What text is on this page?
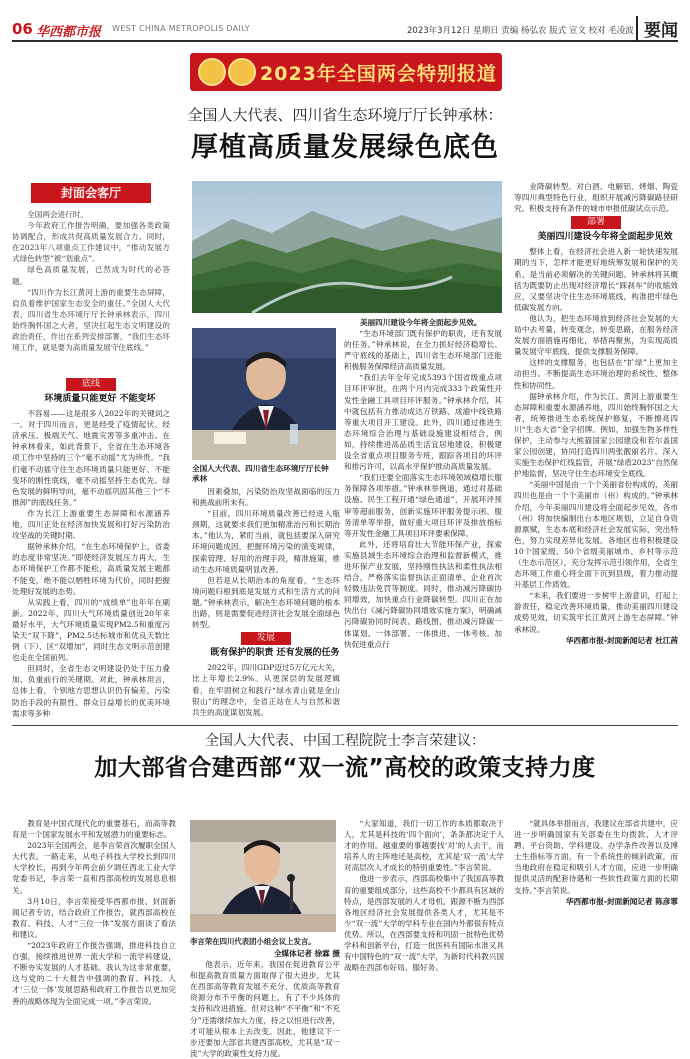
06 华西都市报 WEST CHINA METROPOLIS DAILY	2023年3月12日 星期日 责编 杨弘农 版式 宣文 校对 毛凌波 要闻
2023年全国两会特别报道
全国人大代表、四川省生态环境厅厅长钟承林：
厚植高质量发展绿色底色
封面会客厅

全国两会进行时。

今年政府工作报告明确，要加强各类政策协调配合，形成共促高质量发展合力。同时，在2023年八项重点工作建议中，“推动发展方式绿色转型”被“划重点”。

绿色高质量发展，已然成为时代的必答题。

“四川作为长江黄河上游的重要生态屏障，肩负着维护国家生态安全的重任。”全国人大代表、四川省生态环境厅厅长钟承林表示，四川始终胸怀国之大者，坚决扛起生态文明建设的政治责任，作出在系列安排部署，“我们生态环境工作，就是要为高质量发展守住底线。”

底线

环境质量只能更好 不能变坏

不容易——这是很多人2022年的关键词之一。对于四川而言，更是经受了疫情起伏、经济承压、极端天气、地震灾害等多重冲击。在钟承林看来，如此背景下，全省在生态环境各项工作中坚持的三个“毫不动摇”尤为珍贵。“我们毫不动摇守住生态环境质量只能更好、不能变坏的刚性底线，毫不动摇坚持生态优先、绿色发展的鲜明导向，毫不动摇巩固其他三个“不推卸”的底线任务。”

作为长江上游重要生态屏障和水源涵养地，四川正处在经济加快发展和打好污染防治攻坚战的关键时期。

据钟承林介绍，“在生态环境保护上，省委的态度非常坚决。”即使经济发展压力再大，生态环境保护工作都不能松，高质量发展主题都不能变，绝不能以牺牲环境为代价，同时把握处理好发展的态势。

从实践上看，四川的“成绩单”也年年在刷新。2022年，四川大气环境质量创近20年来最好水平，大气环境质量实现PM2.5和重度污染天“双下降”，PM2.5达标城市和优良天数比例（下）、区“双增加”，同时生态文明示范创建也走在全国前列。

但同时，全省生态文明建设仍处于压力叠加、负重前行的关键期。对此，钟承林坦言，总体上看，个别地方思想认识仍有偏差，污染防治手段的有限性、群众日益增长的优美环境需求等多种

美丽四川建设今年将全面起步见效。
全国人大代表、四川省生态环境厅厅长钟承林

因素叠加，污染防治攻坚战面临的压力和挑战前所未有。

“目前，四川环境质量改善已经进入瓶颈期，这就要求我们更加精准治污和长期治本。”他认为，紧盯当前，就包括要深入研究环境问题成因，把握环境污染的演变规律，探索管理、好用的治理手段，精准施策，推动生态环境质量明显改善。

但若是从长期治本的角度看，“生态环境问题归根到底是发展方式和生活方式的问题。”钟承林表示，解决生态环境问题的根本出路，则是需要促进经济社会发展全面绿色转型。

发展

既有保护的职责 还有发展的任务

2022年，四川GDP迈过5万亿元大关，比上年增长2.9%。从更深层的发展逻辑看，在牢固树立和践行“绿水青山就是金山银山”的理念中，全省正站在人与自然和谐共生的高度谋划发展。

“生态环境部门既有保护的职责，还有发展的任务。”钟承林说，在全力抓好经济稳增长、严守底线的基础上，四川省生态环境部门还能积极服务保障经济高质量发展。

“我们去年全年完成5393个国省级重点项目环评审批，在两个月内完成333个政策性开发性金融工具项目环评服务。”钟承林介绍，其中就包括有力推动成达万铁路、成渝中线铁路等重大项目开工建设。此外，四川通过推进生态环境综合治理与基础设施建设相结合，例如，持续推进高品质生活宜居地建设，积极建设全省重点项目服务专班，跟踪各项目的环评和排污许可，以高水平保护推动高质量发展。

“我们还要全面落实生态环境领域稳增长服务保障各项举措。”钟承林举例道，通过对基础设施、民生工程开通“绿色通道”，开展环评预审等超前服务，创新实施环评服务提示函、服务清单等举措，做好重大项目环评及排放指标等开发性金融工具项目环评要素保障。

此外，还将培育壮大节能环保产业，探索实施县域生态环境综合治理和监督新模式，推进环保产业发展，坚持刚性执法和柔性执法相结合，严格落实监督执法正面清单、企业首次轻微违法免罚等制度。同时，推动减污降碳协同增效，加快重点行业降碳转型。四川正在加快出台《减污降碳协同增效实施方案》，明确减污降碳协同时间表、路线图，推动减污降碳一体谋划、一体部署、一体推进、一体考核。加快促进重点行

业降碳转型。对白酒、电解铝、烤烟、陶瓷等四川典型特色行业，组织开展减污降碳路径研究。积极支持有条件的城市申报低碳试点示范。

部署

美丽四川建设今年将全面起步见效

整体上看，在经济社会进入新一轮快速发展期的当下，怎样才能更好地统筹发展和保护的关系，是当前必须解决的关键问题。钟承林将其概括为既要防止出现对经济增长“踩刹车”的收缩效应，又要坚决守住生态环境底线，构准把牢绿色低碳发展方向。

他认为，把生态环境放到经济社会发展的大局中去考量，转变观念，转变思路，在服务经济发展方面措施再细化，举措再聚焦，为实现高质量发展守牢底线、提供支撑服务保障。

这样的支撑服务，也包括在“扩绿”上更加主动担当。不断提高生态环境治理的系统性、整体性和协同性。

据钟承林介绍，作为长江、黄河上游重要生态屏障和重要水源涵养地，四川始终胸怀国之大者，统筹推进生态系统保护修复，不断擦亮四川“生态大省”金字招牌。例如，加强生物多样性保护，主动参与大熊猫国家公园建设和若尔盖国家公园创建，协同打造四川两张靓丽名片。深入实施生态保护红线监管，开展“绿盾2023”自然保护地监督，坚决守住生态环境安全底线。

“美丽中国是由一个个美丽省份构成的，美丽四川也是由一个个美丽市（州）构成的。”钟承林介绍，今年美丽四川建设将全面起步见效，各市（州）将加快编制出台本地区规划，立足自身资源禀赋，生态本底和经济社会发展实际，突出特色，努力实现差异化发展。各地区也将积极建设10个国家级、50个省级美丽城市、乡村等示范（生态示范区），充分发挥示范引领作用，全省生态环境工作重心将全面下沉到县级，着力推动提升基层工作质效。

“未来，我们要进一步树牢上游意识，打起上游责任，稳定改善环境质量，推动美丽四川建设成势见效，切实筑牢长江黄河上游生态屏障。”钟承林说。

华西都市报-封面新闻记者 杜江茜

全国人大代表、中国工程院院士李言荣建议：
加大部省合建西部“双一流”高校的政策支持力度

教育是中国式现代化的重要基石，而高等教育是一个国家发展水平和发展潜力的重要标志。

2023年全国两会，是李言荣首次履职全国人大代表。一路走来，从电子科技大学校长到四川大学校长，再到今年两会前夕调任西北工业大学党委书记，李言荣一直和西部高校的发展息息相关。

3月10日，李言荣接受华西都市报、封面新闻记者专访，结合政府工作报告，就西部高校在教育、科技、人才“三位一体”发展方面谈了看法和建议。

“2023年政府工作报告强调，推进科技自立自强，接续推进世界一流大学和一流学科建设，不断夯实发展的人才基础。我认为这非常重要，这与党的二十大报告中强调的教育、科技、人才‘三位一体’发展思路和政府工作报告以更加完善的战略体现为全面完成一项。”李言荣说。

李言荣在四川代表团小组会议上发言。

全媒体记者 徐霖 摄

他表示，近年来，我国在促进教育公平和提高教育质量方面取得了很大进步，尤其在西部高等教育发展不充分、优质高等教育资源分布不平衡的问题上，有了不少具体的支持和改进措施。但对这种“不平衡”和“不充分”还需继续加大力度，持之以恒进行改善，才可能从根本上去改变。因此，他建议下一步还要加大部省共建西部高校，尤其是“双一流”大学的政策性支持力度。

“大家知道，我们一切工作的本质都取决于人，尤其是科技的‘四个面向’，条条都决定于人才的作用。越重要的事越要找‘对’的人去干，而培养人的主阵地还是高校，尤其是‘双一流’大学对高层次人才成长的特别重要性。”李言荣说。

他进一步表示，西部高校集中了我国高等教育的重要组成部分，这些高校不少都具有区域的特点，是西部发展的人才母机，跟源不断为西部各地区经济社会发展提供各类人才，尤其是不少“双一流”大学的学科专业在国内外都很有特点优势。所以，在西部要支持和巩固一批特色优势学科和创新平台，打造一批医科有国际水准又具有中国特色的“双一流”大学，为新时代科教兴国战略在西部布好局、服好务。

“就具体举措而言，我建议在部省共建中，应进一步明确国家有关部委在生均拨款、人才评聘、平台资助、学科建设、办学条件改善以及博士生指标等方面，有一个系统性的倾斜政策，而当地政府在稳定和吸引人才方面，应进一步明确提供灵活的配套待遇和一些软性政策方面的长期支持。”李言荣说。

华西都市报-封面新闻记者 陈彦霏
